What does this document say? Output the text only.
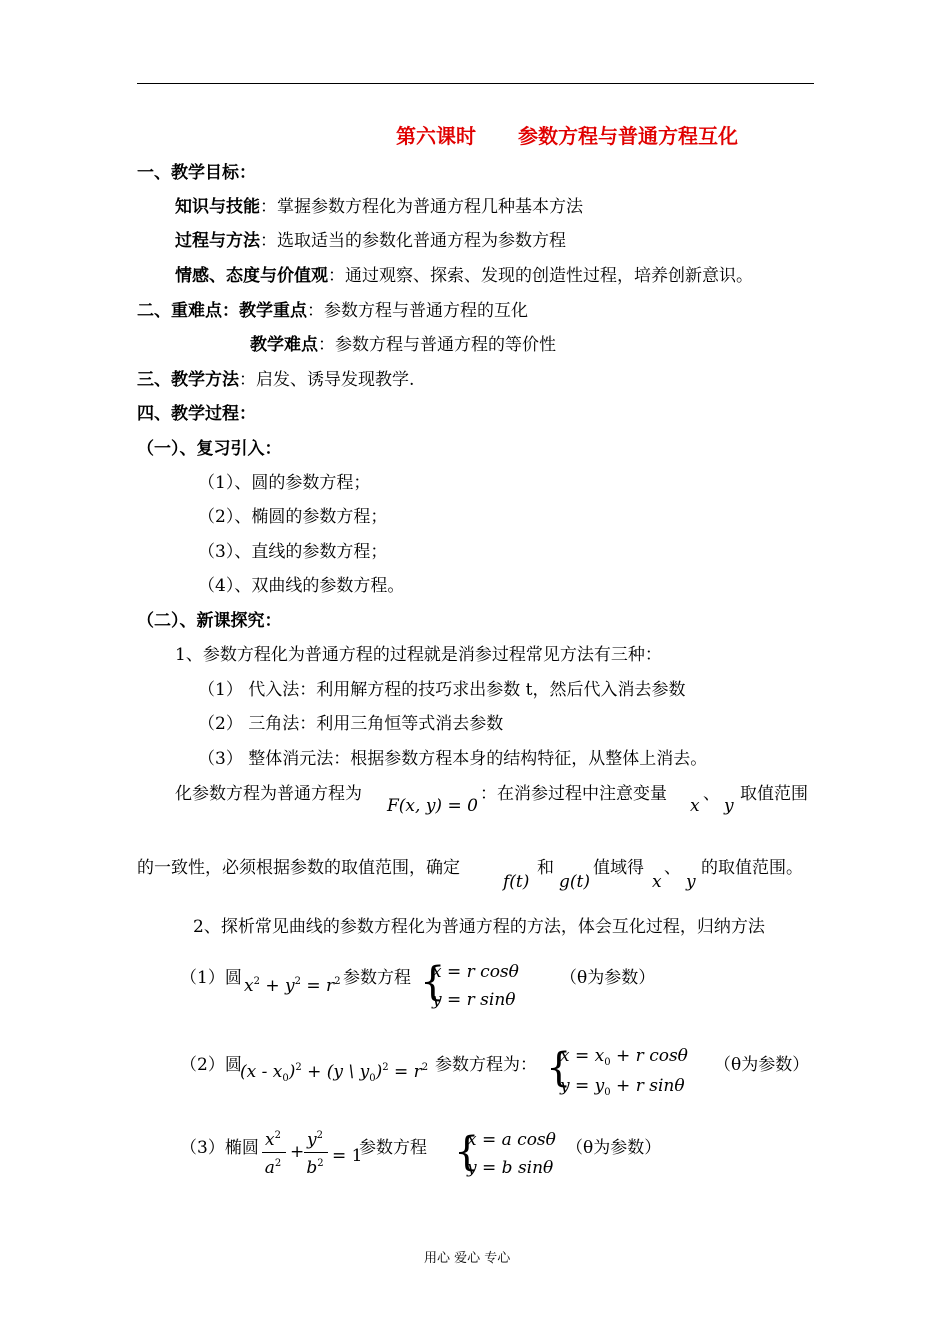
第六课时 参数方程与普通方程互化
一、教学目标：
知识与技能：掌握参数方程化为普通方程几种基本方法
过程与方法：选取适当的参数化普通方程为参数方程
情感、态度与价值观：通过观察、探索、发现的创造性过程，培养创新意识。
二、重难点：教学重点：参数方程与普通方程的互化
教学难点：参数方程与普通方程的等价性
三、教学方法：启发、诱导发现教学.
四、教学过程：
（一）、复习引入：
（1）、圆的参数方程；
（2）、椭圆的参数方程；
（3）、直线的参数方程；
（4）、双曲线的参数方程。
（二）、新课探究：
1、参数方程化为普通方程的过程就是消参过程常见方法有三种：
（1） 代入法：利用解方程的技巧求出参数 t，然后代入消去参数
（2） 三角法：利用三角恒等式消去参数
（3） 整体消元法：根据参数方程本身的结构特征，从整体上消去。
化参数方程为普通方程为
F(x, y) = 0
：在消参过程中注意变量
x
、
y
取值范围
的一致性，必须根据参数的取值范围，确定
f(t)
和
g(t)
值域得
x
、
y
的取值范围。
2、探析常见曲线的参数方程化为普通方程的方法，体会互化过程，归纳方法
（1）圆 $x^2 + y^2 = r^2$ 参数方程 {
x = r cosθ
y = r sinθ
（θ为参数）
（2）圆
$(x - x_0)^2 + (y$ \ $y_0)^2 = r^2$ 参数方程为： {
$x = x_0 + r$ cosθ
$y = y_0 + r$ sinθ
（θ为参数）
（3）椭圆 $x^2$
$a^2$
+
$y^2$
$b^2 = 1$
参数方程 {
x = a cosθ
y = b sinθ
（θ为参数）
用心 爱心 专心
